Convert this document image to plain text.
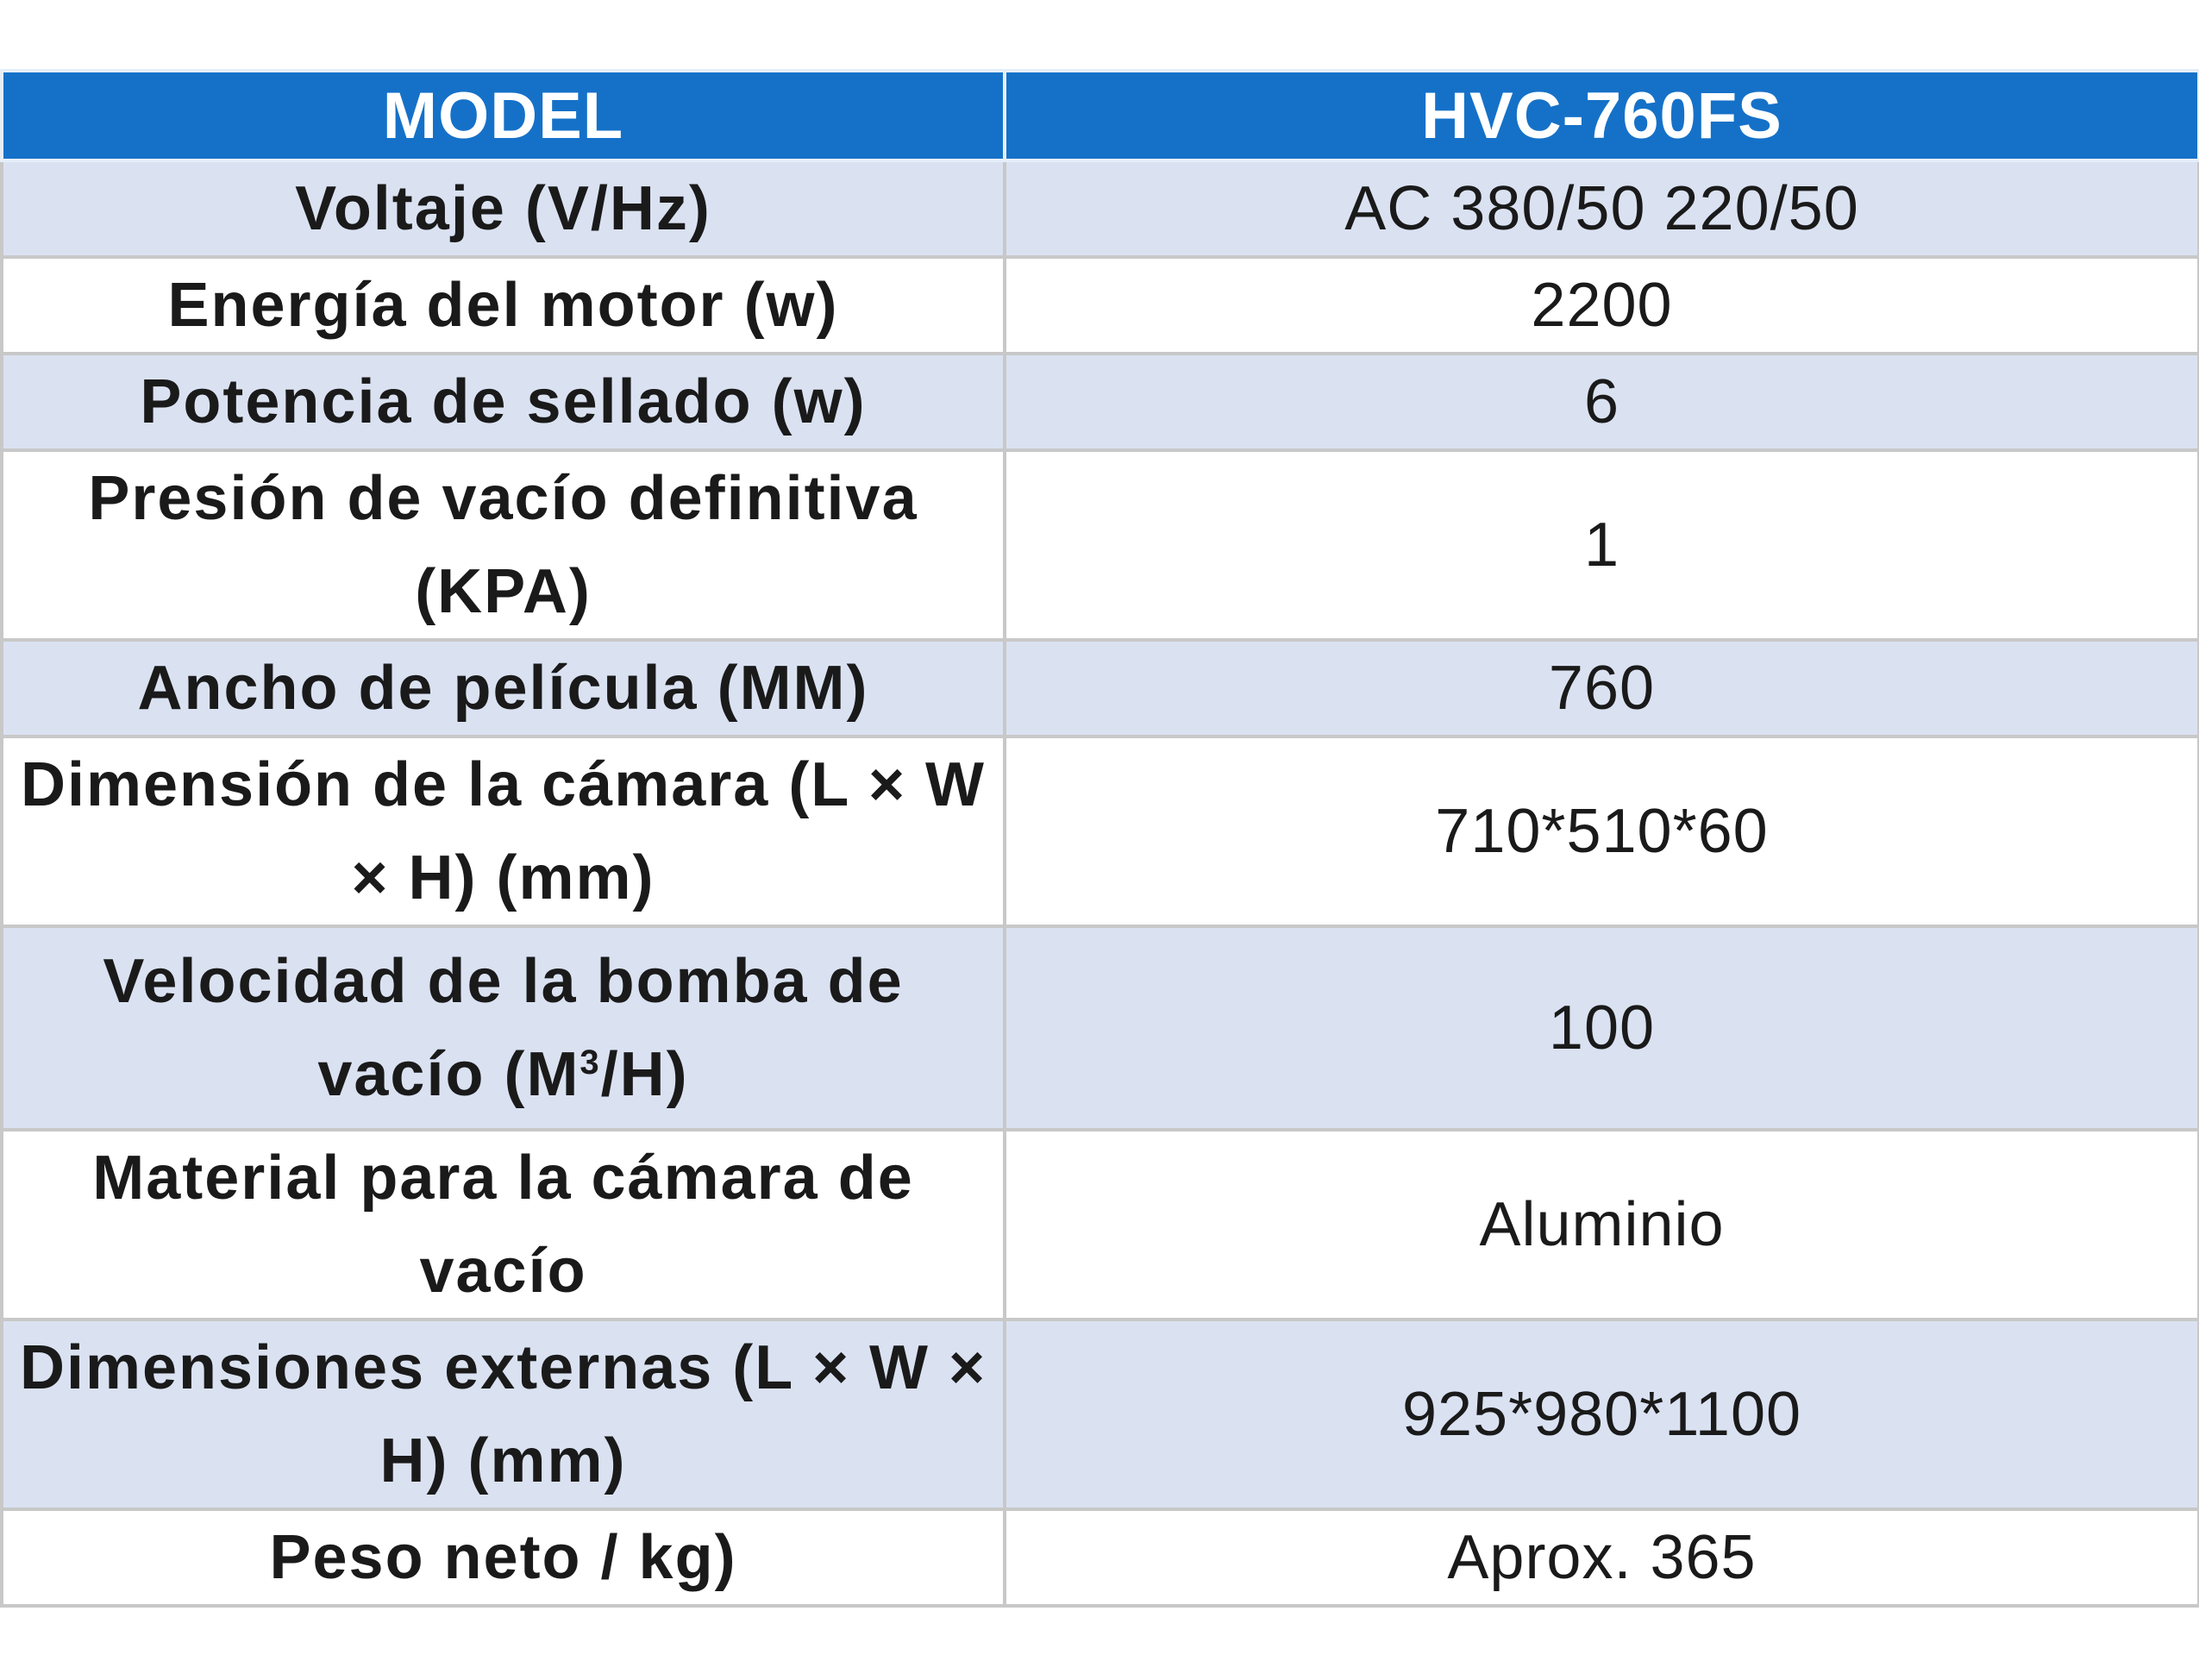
MODEL	HVC-760FS
Voltaje (V/Hz)	AC 380/50 220/50
Energía del motor (w)	2200
Potencia de sellado (w)	6
Presión de vacío definitiva (KPA)	1
Ancho de película (MM)	760
Dimensión de la cámara (L × W × H) (mm)	710*510*60
Velocidad de la bomba de vacío $(M^3/H)$	100
Material para la cámara de vacío	Aluminio
Dimensiones externas (L × W × H) (mm)	925*980*1100
Peso neto / kg)	Aprox. 365
